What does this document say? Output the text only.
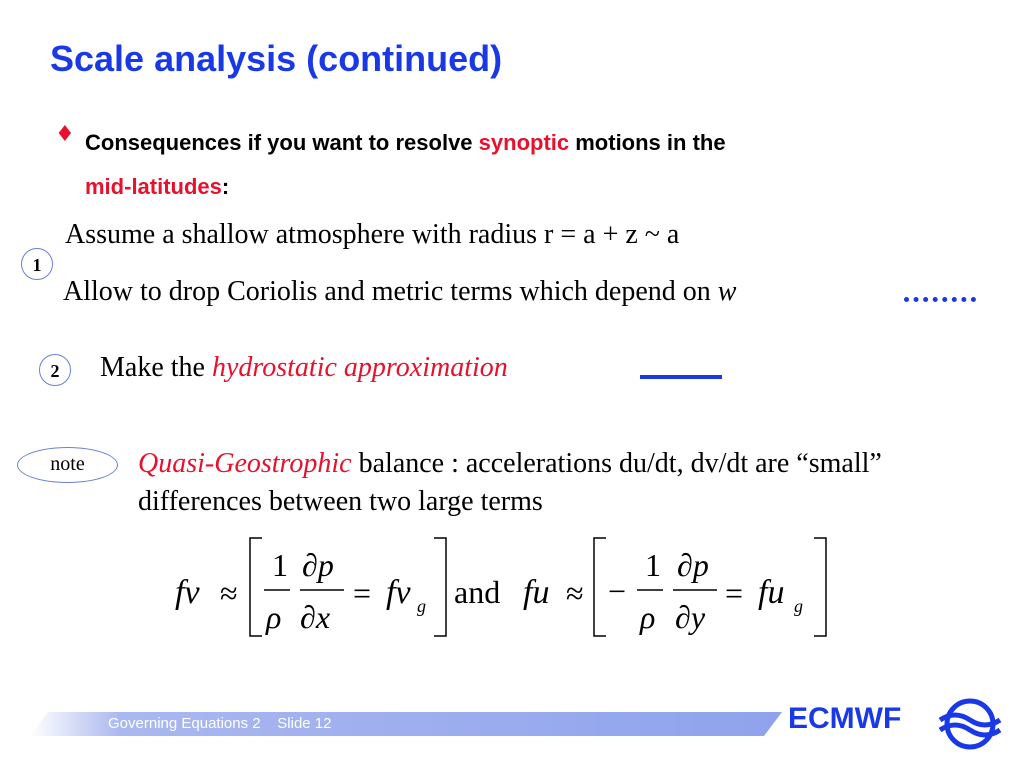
Scale analysis (continued)
♦ Consequences if you want to resolve synoptic motions in the
mid-latitudes:
Assume a shallow atmosphere with radius r = a + z ~ a
1
Allow to drop Coriolis and metric terms which depend on w
2	Make the hydrostatic approximation
note	Quasi-Geostrophic balance : accelerations du/dt, dv/dt are “small” differences between two large terms
fv ≈
1
ρ
∂p
∂x
= fv g and fu ≈ −
1
ρ
∂p
∂y
= fu g
Governing Equations 2 Slide 12	ECMWF
